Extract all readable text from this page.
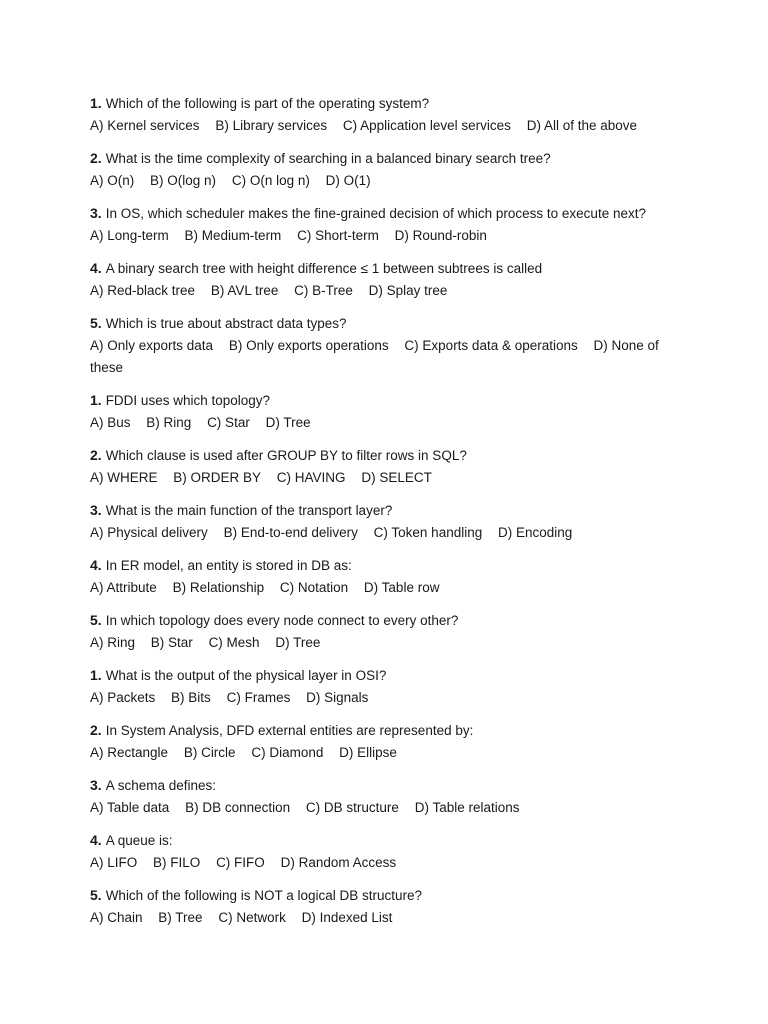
1. Which of the following is part of the operating system?
A) Kernel services B) Library services C) Application level services D) All of the above
2. What is the time complexity of searching in a balanced binary search tree?
A) O(n) B) O(log n) C) O(n log n) D) O(1)
3. In OS, which scheduler makes the fine-grained decision of which process to execute next?
A) Long-term B) Medium-term C) Short-term D) Round-robin
4. A binary search tree with height difference ≤ 1 between subtrees is called
A) Red-black tree B) AVL tree C) B-Tree D) Splay tree
5. Which is true about abstract data types?
A) Only exports data B) Only exports operations C) Exports data & operations D) None of these
1. FDDI uses which topology?
A) Bus B) Ring C) Star D) Tree
2. Which clause is used after GROUP BY to filter rows in SQL?
A) WHERE B) ORDER BY C) HAVING D) SELECT
3. What is the main function of the transport layer?
A) Physical delivery B) End-to-end delivery C) Token handling D) Encoding
4. In ER model, an entity is stored in DB as:
A) Attribute B) Relationship C) Notation D) Table row
5. In which topology does every node connect to every other?
A) Ring B) Star C) Mesh D) Tree
1. What is the output of the physical layer in OSI?
A) Packets B) Bits C) Frames D) Signals
2. In System Analysis, DFD external entities are represented by:
A) Rectangle B) Circle C) Diamond D) Ellipse
3. A schema defines:
A) Table data B) DB connection C) DB structure D) Table relations
4. A queue is:
A) LIFO B) FILO C) FIFO D) Random Access
5. Which of the following is NOT a logical DB structure?
A) Chain B) Tree C) Network D) Indexed List
